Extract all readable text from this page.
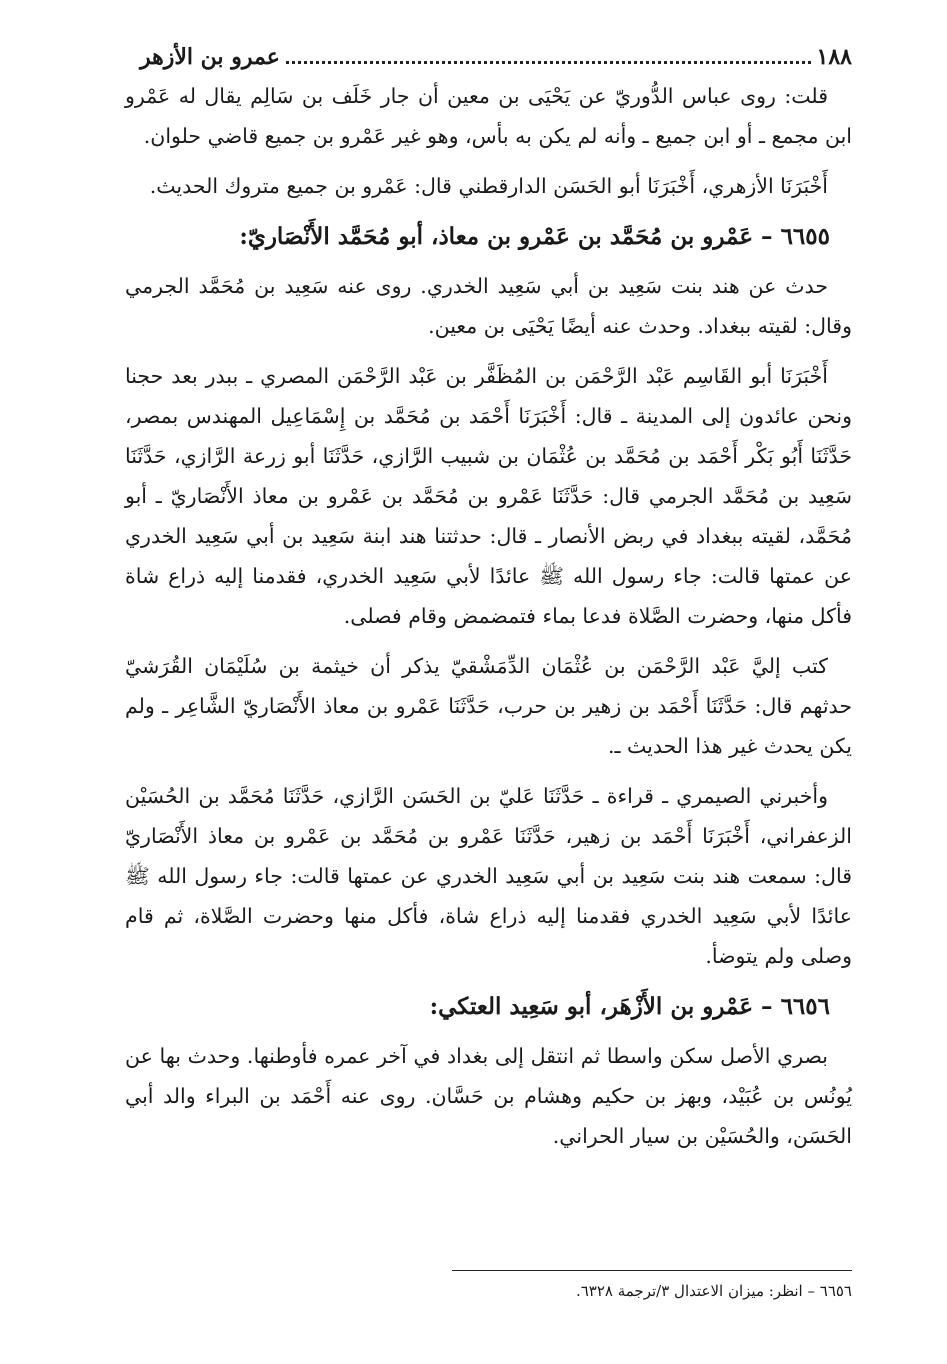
١٨٨
عمرو بن الأزهر

قلت: روى عباس الدُّوريّ عن يَحْيَى بن معين أن جار خَلَف بن سَالِم يقال له عَمْرو ابن مجمع ـ أو ابن جميع ـ وأنه لم يكن به بأس، وهو غير عَمْرو بن جميع قاضي حلوان.

أَخْبَرَنَا الأزهري، أَخْبَرَنَا أبو الحَسَن الدارقطني قال: عَمْرو بن جميع متروك الحديث.

٦٦٥٥ – عَمْرو بن مُحَمَّد بن عَمْرو بن معاذ، أبو مُحَمَّد الأَنْصَاريّ:

حدث عن هند بنت سَعِيد بن أبي سَعِيد الخدري. روى عنه سَعِيد بن مُحَمَّد الجرمي وقال: لقيته ببغداد. وحدث عنه أيضًا يَحْيَى بن معين.

أَخْبَرَنَا أبو القَاسِم عَبْد الرَّحْمَن بن المُظَفَّر بن عَبْد الرَّحْمَن المصري ـ ببدر بعد حجنا ونحن عائدون إلى المدينة ـ قال: أَخْبَرَنَا أَحْمَد بن مُحَمَّد بن إِسْمَاعِيل المهندس بمصر، حَدَّثَنَا أَبُو بَكْر أَحْمَد بن مُحَمَّد بن عُثْمَان بن شبيب الرَّازي، حَدَّثَنَا أبو زرعة الرَّازي، حَدَّثَنَا سَعِيد بن مُحَمَّد الجرمي قال: حَدَّثَنَا عَمْرو بن مُحَمَّد بن عَمْرو بن معاذ الأَنْصَاريّ ـ أبو مُحَمَّد، لقيته ببغداد في ربض الأنصار ـ قال: حدثتنا هند ابنة سَعِيد بن أبي سَعِيد الخدري عن عمتها قالت: جاء رسول الله ﷺ عائدًا لأبي سَعِيد الخدري، فقدمنا إليه ذراع شاة فأكل منها، وحضرت الصَّلاة فدعا بماء فتمضمض وقام فصلى.

كتب إليَّ عَبْد الرَّحْمَن بن عُثْمَان الدِّمَشْقيّ يذكر أن خيثمة بن سُلَيْمَان القُرَشيّ حدثهم قال: حَدَّثَنَا أَحْمَد بن زهير بن حرب، حَدَّثَنَا عَمْرو بن معاذ الأَنْصَاريّ الشَّاعِر ـ ولم يكن يحدث غير هذا الحديث ـ.

وأخبرني الصيمري ـ قراءة ـ حَدَّثَنَا عَليّ بن الحَسَن الرَّازي، حَدَّثَنَا مُحَمَّد بن الحُسَيْن الزعفراني، أَخْبَرَنَا أَحْمَد بن زهير، حَدَّثَنَا عَمْرو بن مُحَمَّد بن عَمْرو بن معاذ الأَنْصَاريّ قال: سمعت هند بنت سَعِيد بن أبي سَعِيد الخدري عن عمتها قالت: جاء رسول الله ﷺ عائدًا لأبي سَعِيد الخدري فقدمنا إليه ذراع شاة، فأكل منها وحضرت الصَّلاة، ثم قام وصلى ولم يتوضأ.

٦٦٥٦ – عَمْرو بن الأَزْهَر، أبو سَعِيد العتكي:

بصري الأصل سكن واسطا ثم انتقل إلى بغداد في آخر عمره فأوطنها. وحدث بها عن يُونُس بن عُبَيْد، وبهز بن حكيم وهشام بن حَسَّان. روى عنه أَحْمَد بن البراء والد أبي الحَسَن، والحُسَيْن بن سيار الحراني.

٦٦٥٦ – انظر: ميزان الاعتدال ٣/ترجمة ٦٣٢٨.
